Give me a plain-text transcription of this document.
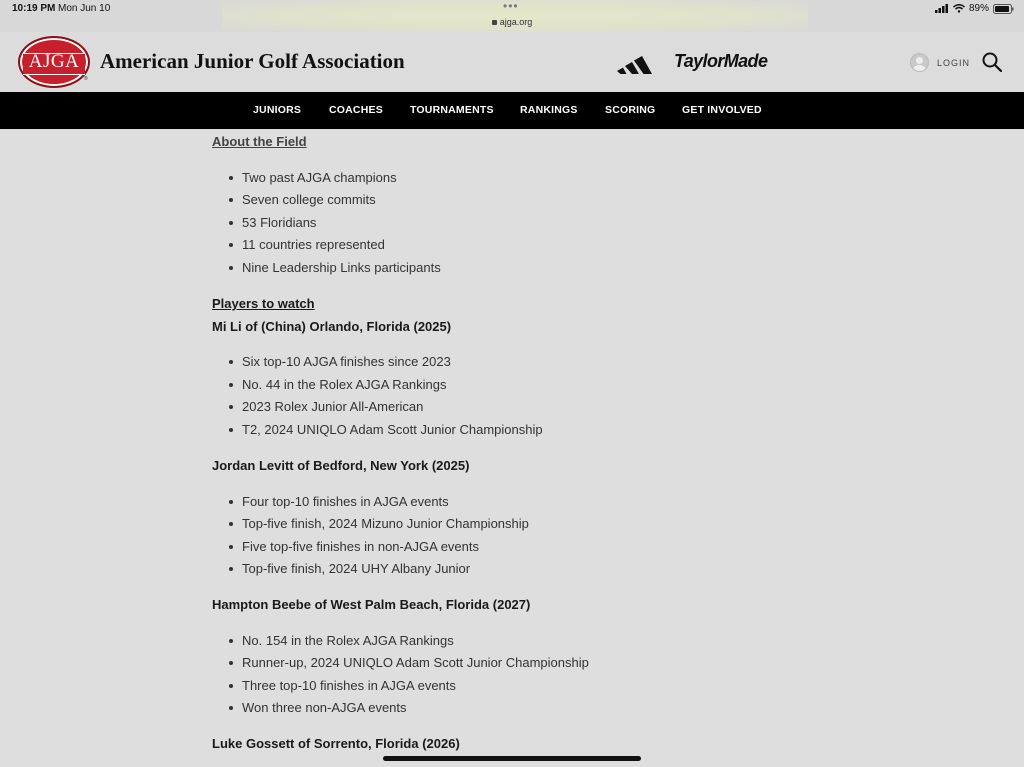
10:19 PM Mon Jun 10	•••
ajga.org
89%
AJGA
®
American Junior Golf Association	TaylorMade	LOGIN
JUNIORS	COACHES	TOURNAMENTS	RANKINGS	SCORING	GET INVOLVED
About the Field
Two past AJGA champions
Seven college commits
53 Floridians
11 countries represented
Nine Leadership Links participants
Players to watch
Mi Li of (China) Orlando, Florida (2025)
Six top-10 AJGA finishes since 2023
No. 44 in the Rolex AJGA Rankings
2023 Rolex Junior All-American
T2, 2024 UNIQLO Adam Scott Junior Championship
Jordan Levitt of Bedford, New York (2025)
Four top-10 finishes in AJGA events
Top-five finish, 2024 Mizuno Junior Championship
Five top-five finishes in non-AJGA events
Top-five finish, 2024 UHY Albany Junior
Hampton Beebe of West Palm Beach, Florida (2027)
No. 154 in the Rolex AJGA Rankings
Runner-up, 2024 UNIQLO Adam Scott Junior Championship
Three top-10 finishes in AJGA events
Won three non-AJGA events
Luke Gossett of Sorrento, Florida (2026)
